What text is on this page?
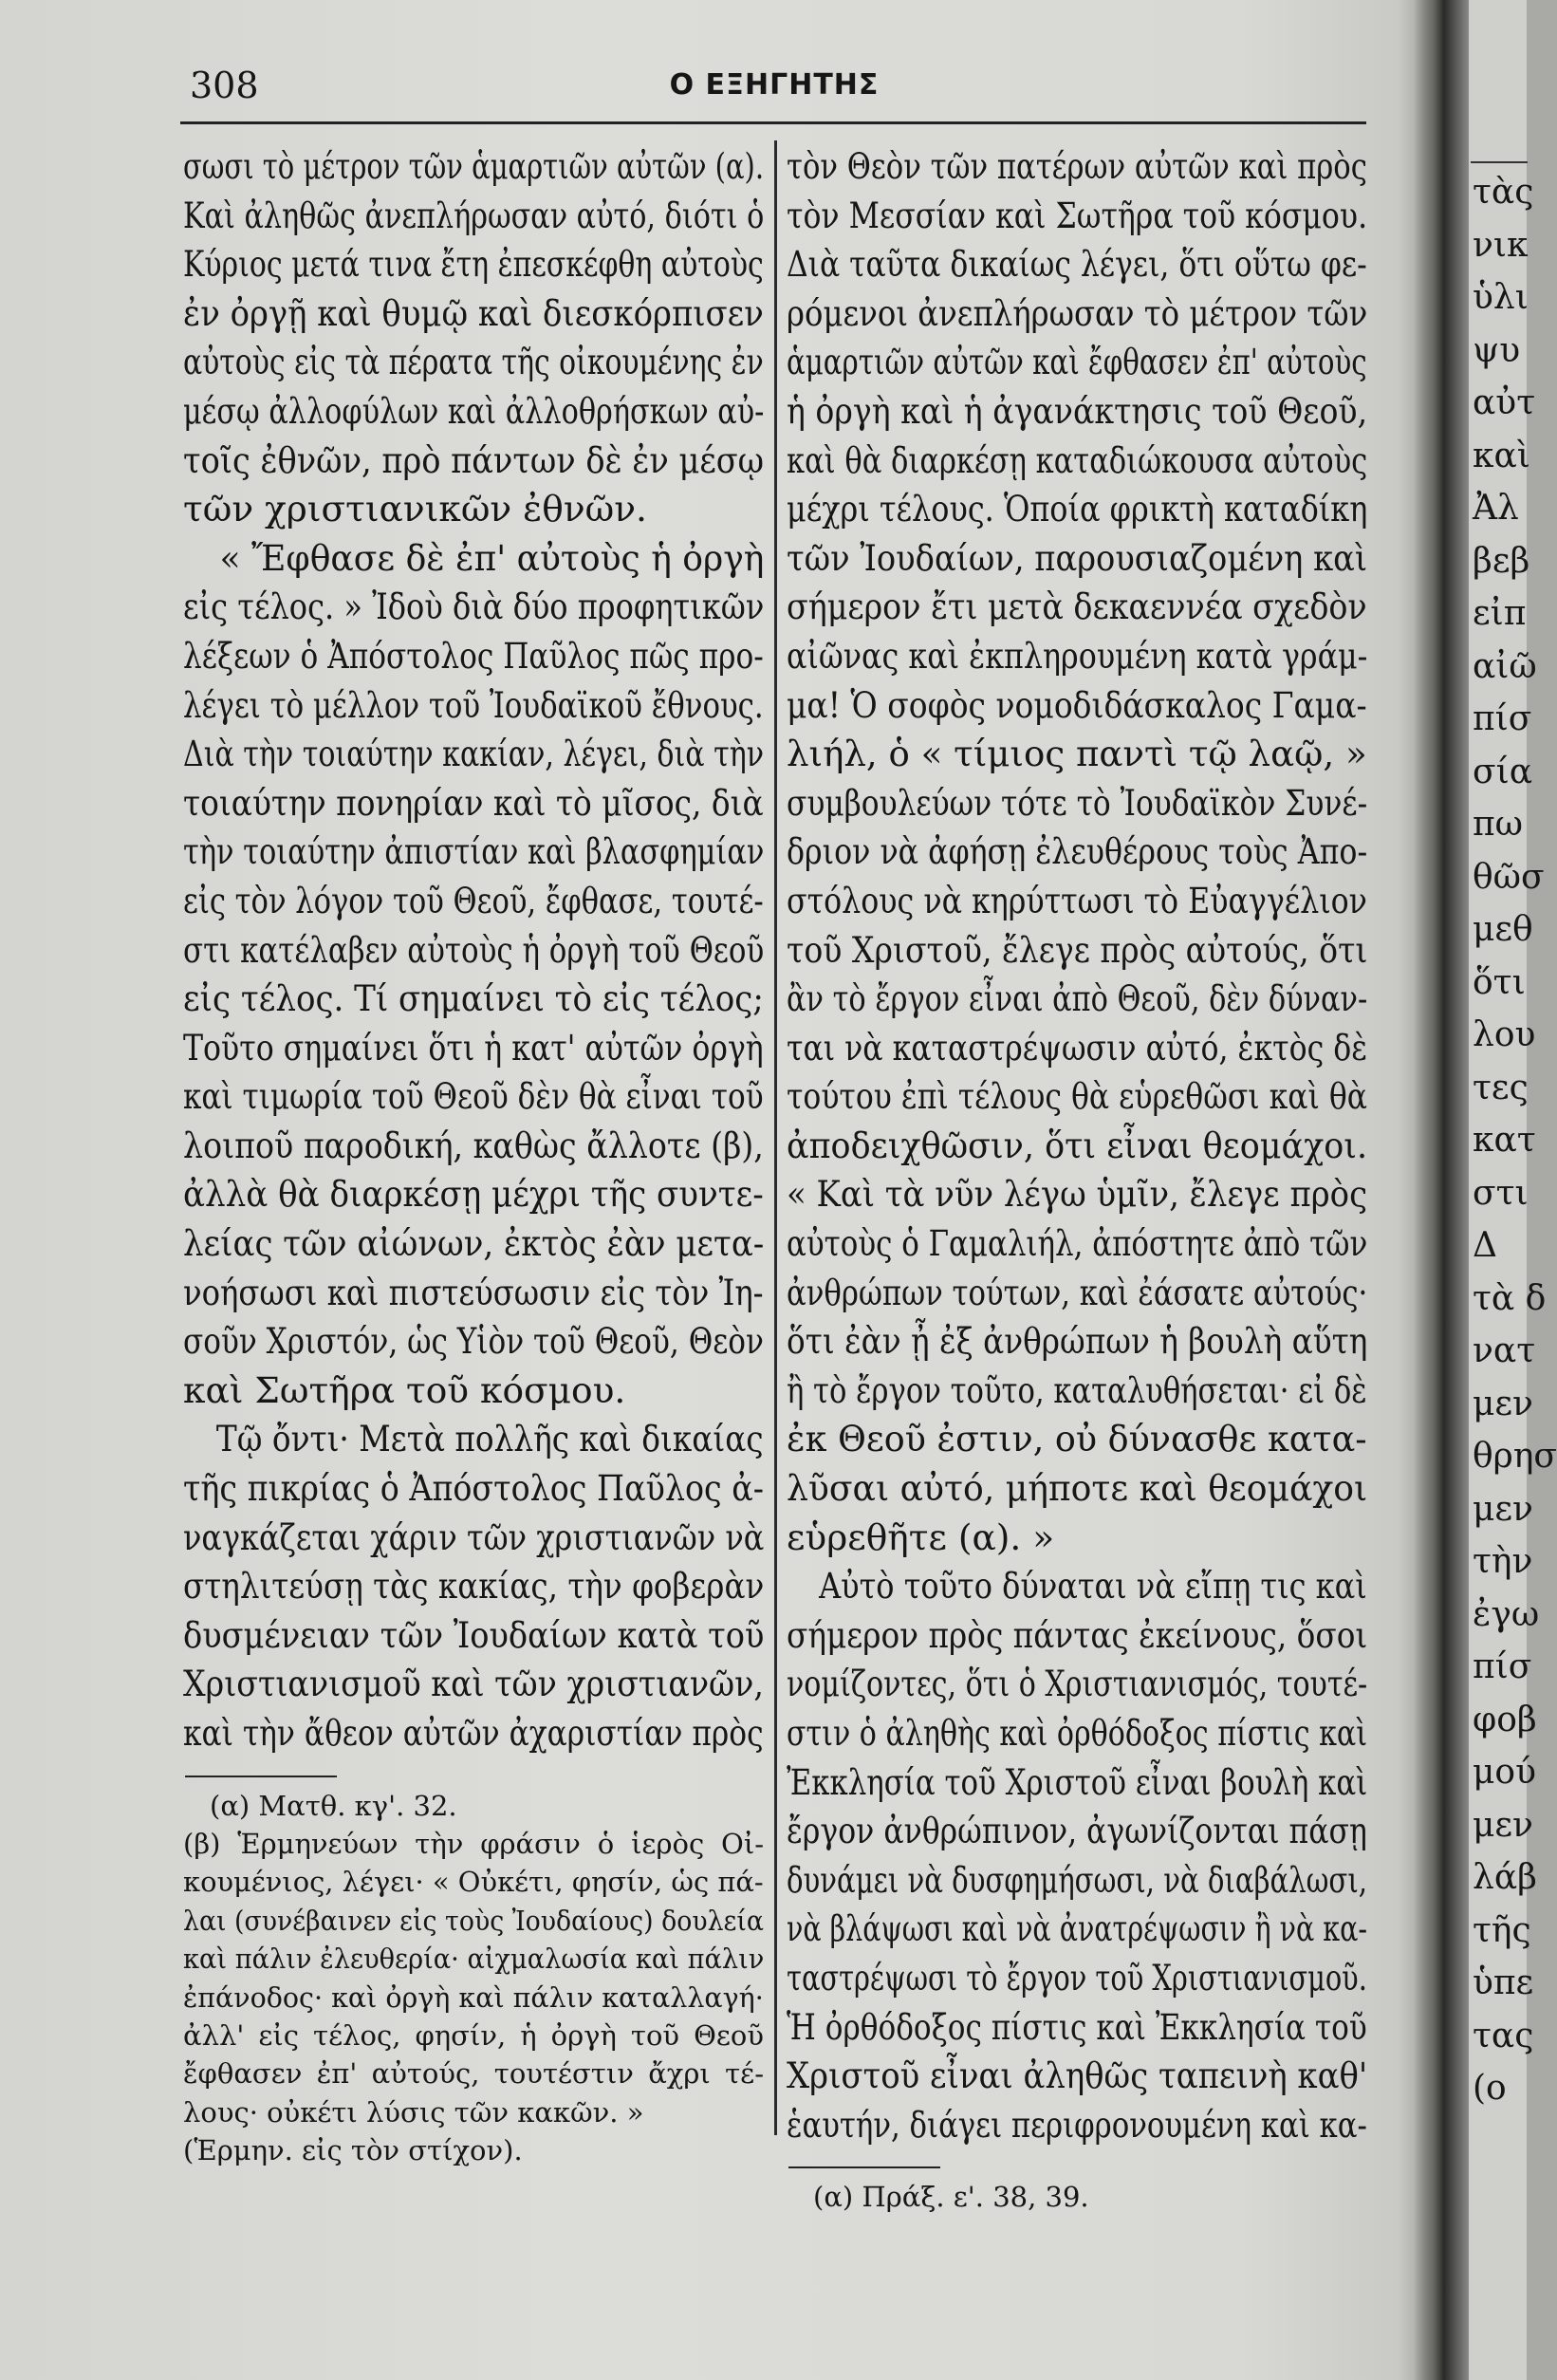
τὰς
νικ
ὑλι
ψυ
αὐτ
καὶ
Ἀλ
βεβ
εἰπ
αἰῶ
πίσ
σία
πω
θῶσ
μεθ
ὅτι
λου
τες
κατ
στι
Δ
τὰ δ
νατ
μεν
θρησ
μεν
τὴν
ἐγω
πίσ
φοβ
μού
μεν
λάβ
τῆς
ὑπε
τας
(ο
308	Ο ΕΞΗΓΗΤΗΣ
σωσι τὸ μέτρον τῶν ἁμαρτιῶν αὐτῶν (α).
Καὶ ἀληθῶς ἀνεπλήρωσαν αὐτό, διότι ὁ
Κύριος μετά τινα ἔτη ἐπεσκέφθη αὐτοὺς
ἐν ὀργῇ καὶ θυμῷ καὶ διεσκόρπισεν
αὐτοὺς εἰς τὰ πέρατα τῆς οἰκουμένης ἐν
μέσῳ ἀλλοφύλων καὶ ἀλλοθρήσκων αὐ-
τοῖς ἐθνῶν, πρὸ πάντων δὲ ἐν μέσῳ
τῶν χριστιανικῶν ἐθνῶν.
« Ἔφθασε δὲ ἐπ' αὐτοὺς ἡ ὀργὴ
εἰς τέλος. » Ἰδοὺ διὰ δύο προφητικῶν
λέξεων ὁ Ἀπόστολος Παῦλος πῶς προ-
λέγει τὸ μέλλον τοῦ Ἰουδαϊκοῦ ἔθνους.
Διὰ τὴν τοιαύτην κακίαν, λέγει, διὰ τὴν
τοιαύτην πονηρίαν καὶ τὸ μῖσος, διὰ
τὴν τοιαύτην ἀπιστίαν καὶ βλασφημίαν
εἰς τὸν λόγον τοῦ Θεοῦ, ἔφθασε, τουτέ-
στι κατέλαβεν αὐτοὺς ἡ ὀργὴ τοῦ Θεοῦ
εἰς τέλος. Τί σημαίνει τὸ εἰς τέλος;
Τοῦτο σημαίνει ὅτι ἡ κατ' αὐτῶν ὀργὴ
καὶ τιμωρία τοῦ Θεοῦ δὲν θὰ εἶναι τοῦ
λοιποῦ παροδική, καθὼς ἄλλοτε (β),
ἀλλὰ θὰ διαρκέσῃ μέχρι τῆς συντε-
λείας τῶν αἰώνων, ἐκτὸς ἐὰν μετα-
νοήσωσι καὶ πιστεύσωσιν εἰς τὸν Ἰη-
σοῦν Χριστόν, ὡς Υἱὸν τοῦ Θεοῦ, Θεὸν
καὶ Σωτῆρα τοῦ κόσμου.
Τῷ ὄντι· Μετὰ πολλῆς καὶ δικαίας
τῆς πικρίας ὁ Ἀπόστολος Παῦλος ἀ-
ναγκάζεται χάριν τῶν χριστιανῶν νὰ
στηλιτεύσῃ τὰς κακίας, τὴν φοβερὰν
δυσμένειαν τῶν Ἰουδαίων κατὰ τοῦ
Χριστιανισμοῦ καὶ τῶν χριστιανῶν,
καὶ τὴν ἄθεον αὐτῶν ἀχαριστίαν πρὸς
(α) Ματθ. κγ'. 32.
(β) Ἑρμηνεύων τὴν φράσιν ὁ ἱερὸς Οἰ-
κουμένιος, λέγει· « Οὐκέτι, φησίν, ὡς πά-
λαι (συνέβαινεν εἰς τοὺς Ἰουδαίους) δουλεία
καὶ πάλιν ἐλευθερία· αἰχμαλωσία καὶ πάλιν
ἐπάνοδος· καὶ ὀργὴ καὶ πάλιν καταλλαγή·
ἀλλ' εἰς τέλος, φησίν, ἡ ὀργὴ τοῦ Θεοῦ
ἔφθασεν ἐπ' αὐτούς, τουτέστιν ἄχρι τέ-
λους· οὐκέτι λύσις τῶν κακῶν. »
(Ἑρμην. εἰς τὸν στίχον).
τὸν Θεὸν τῶν πατέρων αὐτῶν καὶ πρὸς
τὸν Μεσσίαν καὶ Σωτῆρα τοῦ κόσμου.
Διὰ ταῦτα δικαίως λέγει, ὅτι οὕτω φε-
ρόμενοι ἀνεπλήρωσαν τὸ μέτρον τῶν
ἁμαρτιῶν αὐτῶν καὶ ἔφθασεν ἐπ' αὐτοὺς
ἡ ὀργὴ καὶ ἡ ἀγανάκτησις τοῦ Θεοῦ,
καὶ θὰ διαρκέσῃ καταδιώκουσα αὐτοὺς
μέχρι τέλους. Ὁποία φρικτὴ καταδίκη
τῶν Ἰουδαίων, παρουσιαζομένη καὶ
σήμερον ἔτι μετὰ δεκαεννέα σχεδὸν
αἰῶνας καὶ ἐκπληρουμένη κατὰ γράμ-
μα! Ὁ σοφὸς νομοδιδάσκαλος Γαμα-
λιήλ, ὁ « τίμιος παντὶ τῷ λαῷ, »
συμβουλεύων τότε τὸ Ἰουδαϊκὸν Συνέ-
δριον νὰ ἀφήσῃ ἐλευθέρους τοὺς Ἀπο-
στόλους νὰ κηρύττωσι τὸ Εὐαγγέλιον
τοῦ Χριστοῦ, ἔλεγε πρὸς αὐτούς, ὅτι
ἂν τὸ ἔργον εἶναι ἀπὸ Θεοῦ, δὲν δύναν-
ται νὰ καταστρέψωσιν αὐτό, ἐκτὸς δὲ
τούτου ἐπὶ τέλους θὰ εὑρεθῶσι καὶ θὰ
ἀποδειχθῶσιν, ὅτι εἶναι θεομάχοι.
« Καὶ τὰ νῦν λέγω ὑμῖν, ἔλεγε πρὸς
αὐτοὺς ὁ Γαμαλιήλ, ἀπόστητε ἀπὸ τῶν
ἀνθρώπων τούτων, καὶ ἐάσατε αὐτούς·
ὅτι ἐὰν ᾖ ἐξ ἀνθρώπων ἡ βουλὴ αὕτη
ἢ τὸ ἔργον τοῦτο, καταλυθήσεται· εἰ δὲ
ἐκ Θεοῦ ἐστιν, οὐ δύνασθε κατα-
λῦσαι αὐτό, μήποτε καὶ θεομάχοι
εὑρεθῆτε (α). »
Αὐτὸ τοῦτο δύναται νὰ εἴπῃ τις καὶ
σήμερον πρὸς πάντας ἐκείνους, ὅσοι
νομίζοντες, ὅτι ὁ Χριστιανισμός, τουτέ-
στιν ὁ ἀληθὴς καὶ ὀρθόδοξος πίστις καὶ
Ἐκκλησία τοῦ Χριστοῦ εἶναι βουλὴ καὶ
ἔργον ἀνθρώπινον, ἀγωνίζονται πάσῃ
δυνάμει νὰ δυσφημήσωσι, νὰ διαβάλωσι,
νὰ βλάψωσι καὶ νὰ ἀνατρέψωσιν ἢ νὰ κα-
ταστρέψωσι τὸ ἔργον τοῦ Χριστιανισμοῦ.
Ἡ ὀρθόδοξος πίστις καὶ Ἐκκλησία τοῦ
Χριστοῦ εἶναι ἀληθῶς ταπεινὴ καθ'
ἑαυτήν, διάγει περιφρονουμένη καὶ κα-
(α) Πράξ. ε'. 38, 39.
